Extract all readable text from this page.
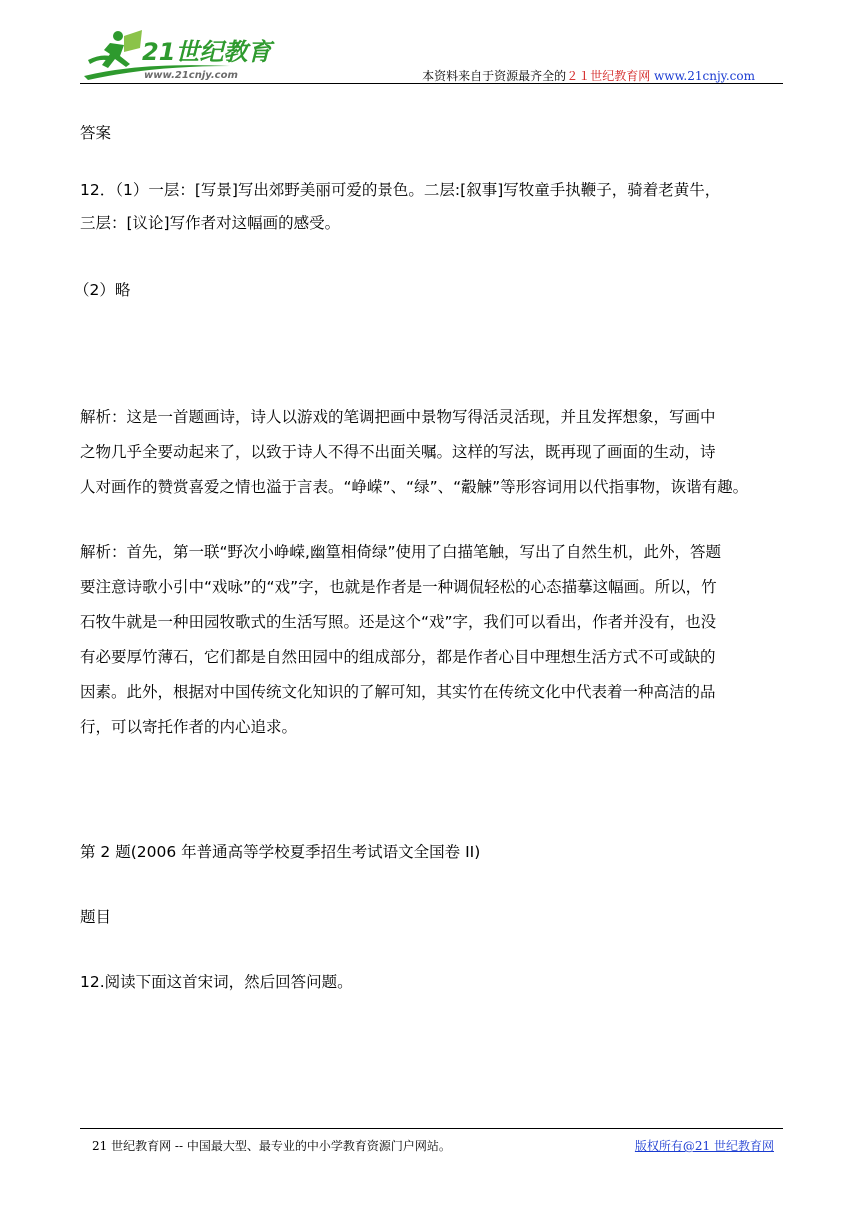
21世纪教育
www.21cnjy.com	本资料来自于资源最齐全的２１世纪教育网 www.21cnjy.com

答案

12．（1）一层：[写景]写出郊野美丽可爱的景色。二层:[叙事]写牧童手执鞭子，骑着老黄牛，

三层：[议论]写作者对这幅画的感受。

（2）略

解析：这是一首题画诗，诗人以游戏的笔调把画中景物写得活灵活现，并且发挥想象，写画中

之物几乎全要动起来了，以致于诗人不得不出面关嘱。这样的写法，既再现了画面的生动，诗

人对画作的赞赏喜爱之情也溢于言表。“峥嵘”、“绿”、“觳觫”等形容词用以代指事物，诙谐有趣。

解析：首先，第一联“野次小峥嵘,幽篁相倚绿”使用了白描笔触，写出了自然生机，此外，答题

要注意诗歌小引中“戏咏”的“戏”字，也就是作者是一种调侃轻松的心态描摹这幅画。所以，竹

石牧牛就是一种田园牧歌式的生活写照。还是这个“戏”字，我们可以看出，作者并没有，也没

有必要厚竹薄石，它们都是自然田园中的组成部分，都是作者心目中理想生活方式不可或缺的

因素。此外，根据对中国传统文化知识的了解可知，其实竹在传统文化中代表着一种高洁的品

行，可以寄托作者的内心追求。

第 2 题(2006 年普通高等学校夏季招生考试语文全国卷 II)

题目

12.阅读下面这首宋词，然后回答问题。

21 世纪教育网 -- 中国最大型、最专业的中小学教育资源门户网站。	版权所有@21 世纪教育网
